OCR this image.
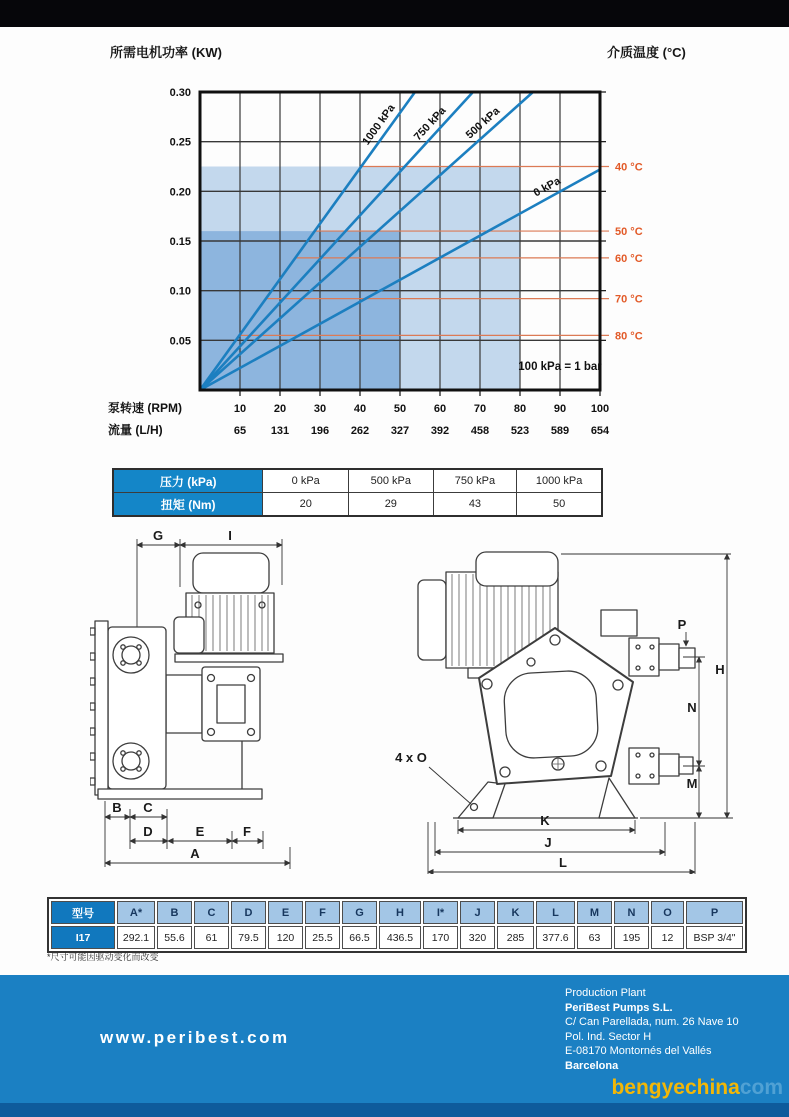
所需电机功率 (KW)	介质温度 (°C)
40 °C
50 °C
60 °C
70 °C
80 °C
1000 kPa 750 kPa 500 kPa
0 kPa
0.30
0.25
0.20
0.15
0.10
0.05
10
65
20
131
30
196
40
262
50
327
60
392
70
458
80
523
90
589
100
654
泵转速 (RPM)
流量 (L/H)
100 kPa = 1 bar
压力 (kPa)	0 kPa	500 kPa	750 kPa	1000 kPa
扭矩 (Nm)	20	29	43	50
G	I
B C
D	E	F
A
4 x O
P
H
N
M
K
J
L
型号	A*	B	C	D	E	F	G	H	I*	J	K	L	M	N	O	P
I17	292.1	55.6	61	79.5	120	25.5	66.5	436.5	170	320	285	377.6	63	195	12	BSP 3/4"
*尺寸可能因驱动变化而改变
www.peribest.com
Production Plant
PeriBest Pumps S.L.
C/ Can Parellada, num. 26 Nave 10
Pol. Ind. Sector H
E-08170 Montornés del Vallés
Barcelona
bengyechinacom
